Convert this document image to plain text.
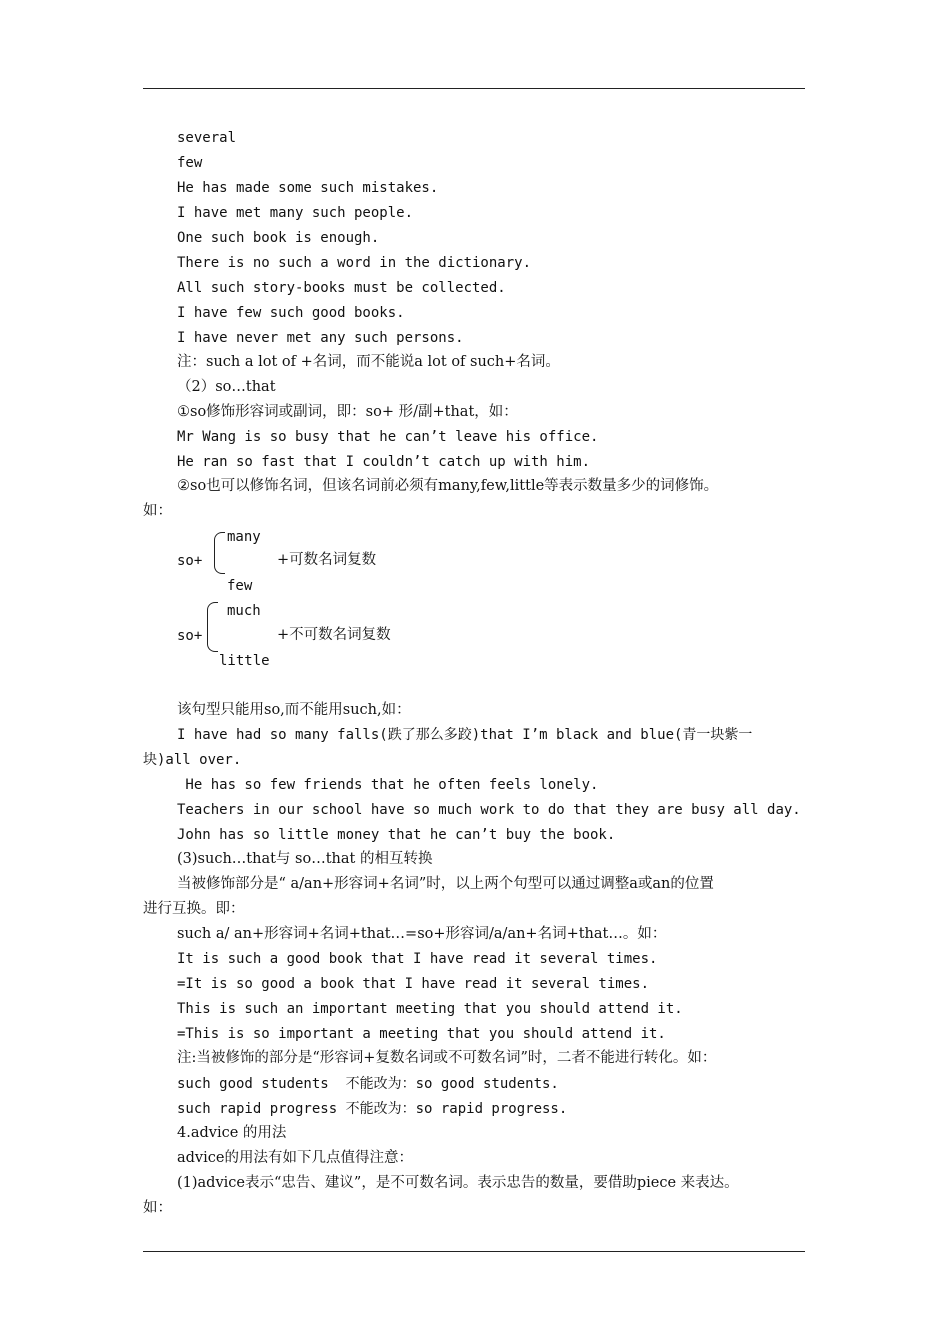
several
few
He has made some such mistakes.
I have met many such people.
One such book is enough.
There is no such a word in the dictionary.
All such story-books must be collected.
I have few such good books.
I have never met any such persons.
注：such a lot of +名词，而不能说a lot of such+名词。
（2）so…that
①so修饰形容词或副词，即：so+ 形/副+that，如：
Mr Wang is so busy that he can’t leave his office.
He ran so fast that I couldn’t catch up with him.
②so也可以修饰名词，但该名词前必须有many,few,little等表示数量多少的词修饰。
如：
many
so+	+可数名词复数
few
much
so+	+不可数名词复数
little
该句型只能用so,而不能用such,如：
I have had so many falls(跌了那么多跤)that I’m black and blue(青一块紫一
块)all over.
He has so few friends that he often feels lonely.
Teachers in our school have so much work to do that they are busy all day.
John has so little money that he can’t buy the book.
(3)such…that与 so…that 的相互转换
当被修饰部分是“ a/an+形容词+名词”时，以上两个句型可以通过调整a或an的位置
进行互换。即：
such a/ an+形容词+名词+that…=so+形容词/a/an+名词+that…。如：
It is such a good book that I have read it several times.
=It is so good a book that I have read it several times.
This is such an important meeting that you should attend it.
=This is so important a meeting that you should attend it.
注:当被修饰的部分是“形容词+复数名词或不可数名词”时，二者不能进行转化。如：
such good students  不能改为：so good students.
such rapid progress 不能改为：so rapid progress.
4.advice 的用法
advice的用法有如下几点值得注意：
(1)advice表示“忠告、建议”，是不可数名词。表示忠告的数量，要借助piece 来表达。
如：
